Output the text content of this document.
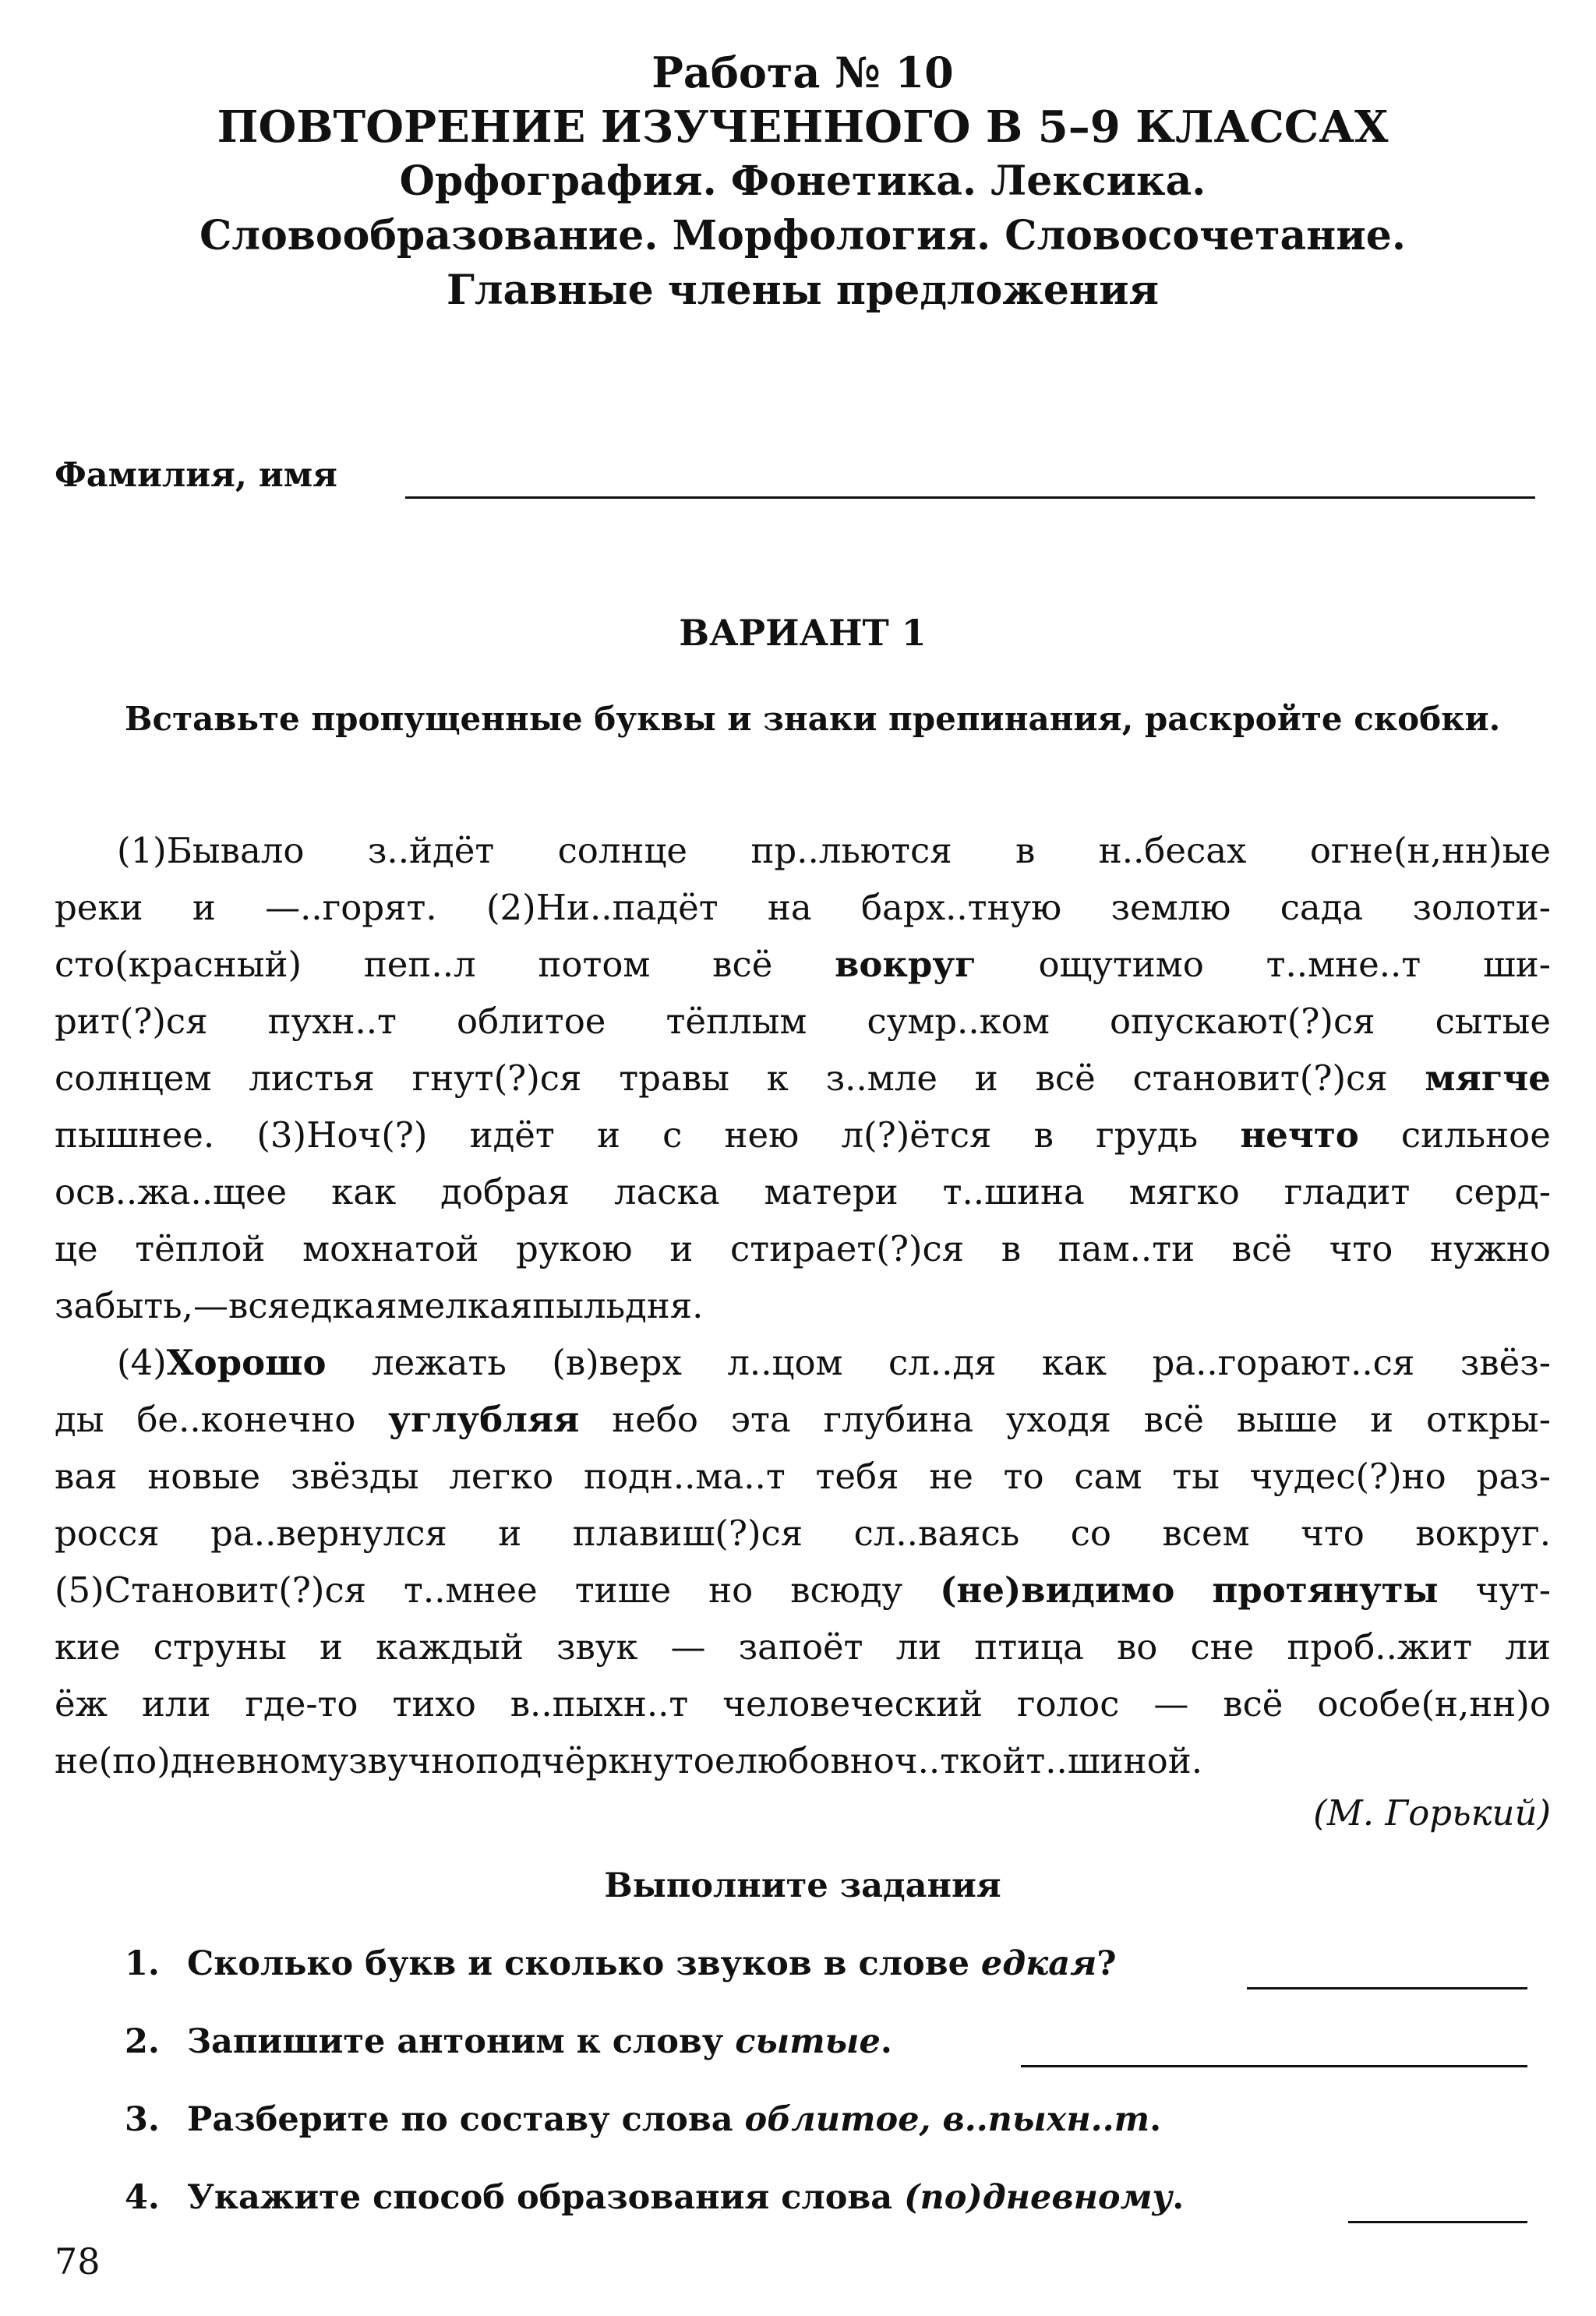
Работа № 10
ПОВТОРЕНИЕ ИЗУЧЕННОГО В 5–9 КЛАССАХ
Орфография. Фонетика. Лексика.
Словообразование. Морфология. Словосочетание.
Главные члены предложения
Фамилия, имя
ВАРИАНТ 1
Вставьте пропущенные буквы и знаки препинания, раскройте скобки.
(1)Бывало з..йдёт солнце пр..льются в н..бесах огне(н,нн)ые
реки и —..горят. (2)Ни..падёт на барх..тную землю сада золоти-
сто(красный) пеп..л потом всё вокруг ощутимо т..мне..т ши-
рит(?)ся пухн..т облитое тёплым сумр..ком опускают(?)ся сытые
солнцем листья гнут(?)ся травы к з..мле и всё становит(?)ся мягче
пышнее. (3)Ноч(?) идёт и с нею л(?)ётся в грудь нечто сильное
осв..жа..щее как добрая ласка матери т..шина мягко гладит серд-
це тёплой мохнатой рукою и стирает(?)ся в пам..ти всё что нужно
забыть, — вся едкая мелкая пыль дня.
(4)Хорошо лежать (в)верх л..цом сл..дя как ра..горают..ся звёз-
ды бе..конечно углубляя небо эта глубина уходя всё выше и откры-
вая новые звёзды легко подн..ма..т тебя не то сам ты чудес(?)но раз-
росся ра..вернулся и плавиш(?)ся сл..ваясь со всем что вокруг.
(5)Становит(?)ся т..мнее тише но всюду (не)видимо протянуты чут-
кие струны и каждый звук — запоёт ли птица во сне проб..жит ли
ёж или где-то тихо в..пыхн..т человеческий голос — всё особе(н,нн)о
не (по)дневному звучно подчёркнутое любовно ч..ткой т..шиной.
(М. Горький)
Выполните задания
1. Сколько букв и сколько звуков в слове едкая?
2. Запишите антоним к слову сытые.
3. Разберите по составу слова облитое, в..пыхн..т.
4. Укажите способ образования слова (по)дневному.
78
